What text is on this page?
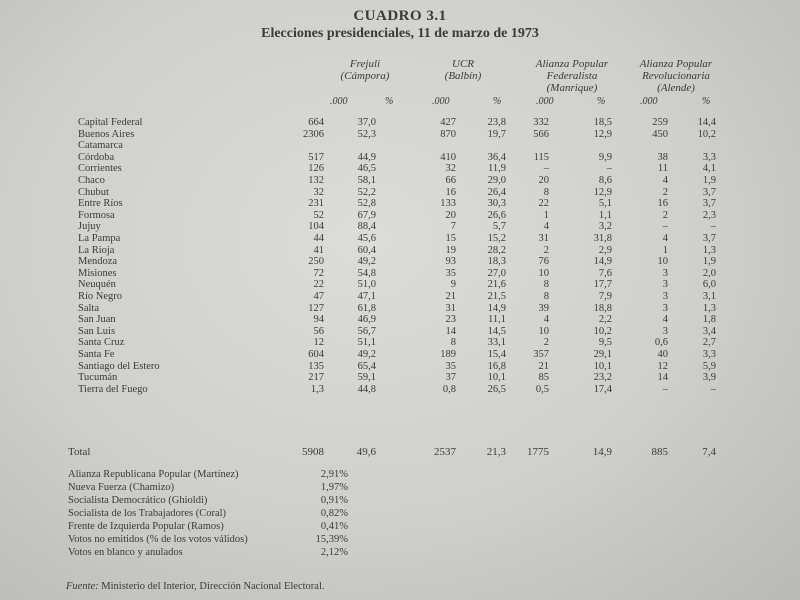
CUADRO 3.1
Elecciones presidenciales, 11 de marzo de 1973
Frejuli
(Cámpora)
UCR
(Balbín)
Alianza Popular Federalista
(Manrique)
Alianza Popular Revolucionaria
(Alende)
.000	%	.000	%	.000	%	.000	%
Capital Federal	664	37,0	427	23,8	332	18,5	259	14,4
Buenos Aires	2306	52,3	870	19,7	566	12,9	450	10,2
Catamarca
Córdoba	517	44,9	410	36,4	115	9,9	38	3,3
Corrientes	126	46,5	32	11,9	–	–	11	4,1
Chaco	132	58,1	66	29,0	20	8,6	4	1,9
Chubut	32	52,2	16	26,4	8	12,9	2	3,7
Entre Ríos	231	52,8	133	30,3	22	5,1	16	3,7
Formosa	52	67,9	20	26,6	1	1,1	2	2,3
Jujuy	104	88,4	7	5,7	4	3,2	–	–
La Pampa	44	45,6	15	15,2	31	31,8	4	3,7
La Rioja	41	60,4	19	28,2	2	2,9	1	1,3
Mendoza	250	49,2	93	18,3	76	14,9	10	1,9
Misiones	72	54,8	35	27,0	10	7,6	3	2,0
Neuquén	22	51,0	9	21,6	8	17,7	3	6,0
Río Negro	47	47,1	21	21,5	8	7,9	3	3,1
Salta	127	61,8	31	14,9	39	18,8	3	1,3
San Juan	94	46,9	23	11,1	4	2,2	4	1,8
San Luis	56	56,7	14	14,5	10	10,2	3	3,4
Santa Cruz	12	51,1	8	33,1	2	9,5	0,6	2,7
Santa Fe	604	49,2	189	15,4	357	29,1	40	3,3
Santiago del Estero	135	65,4	35	16,8	21	10,1	12	5,9
Tucumán	217	59,1	37	10,1	85	23,2	14	3,9
Tierra del Fuego	1,3	44,8	0,8	26,5	0,5	17,4	–	–
Total	5908	49,6	2537	21,3	1775	14,9	885	7,4
Alianza Republicana Popular (Martínez)	2,91%
Nueva Fuerza (Chamizo)	1,97%
Socialista Democrático (Ghioldi)	0,91%
Socialista de los Trabajadores (Coral)	0,82%
Frente de Izquierda Popular (Ramos)	0,41%
Votos no emitidos (% de los votos válidos)	15,39%
Votos en blanco y anulados	2,12%
Fuente: Ministerio del Interior, Dirección Nacional Electoral.
